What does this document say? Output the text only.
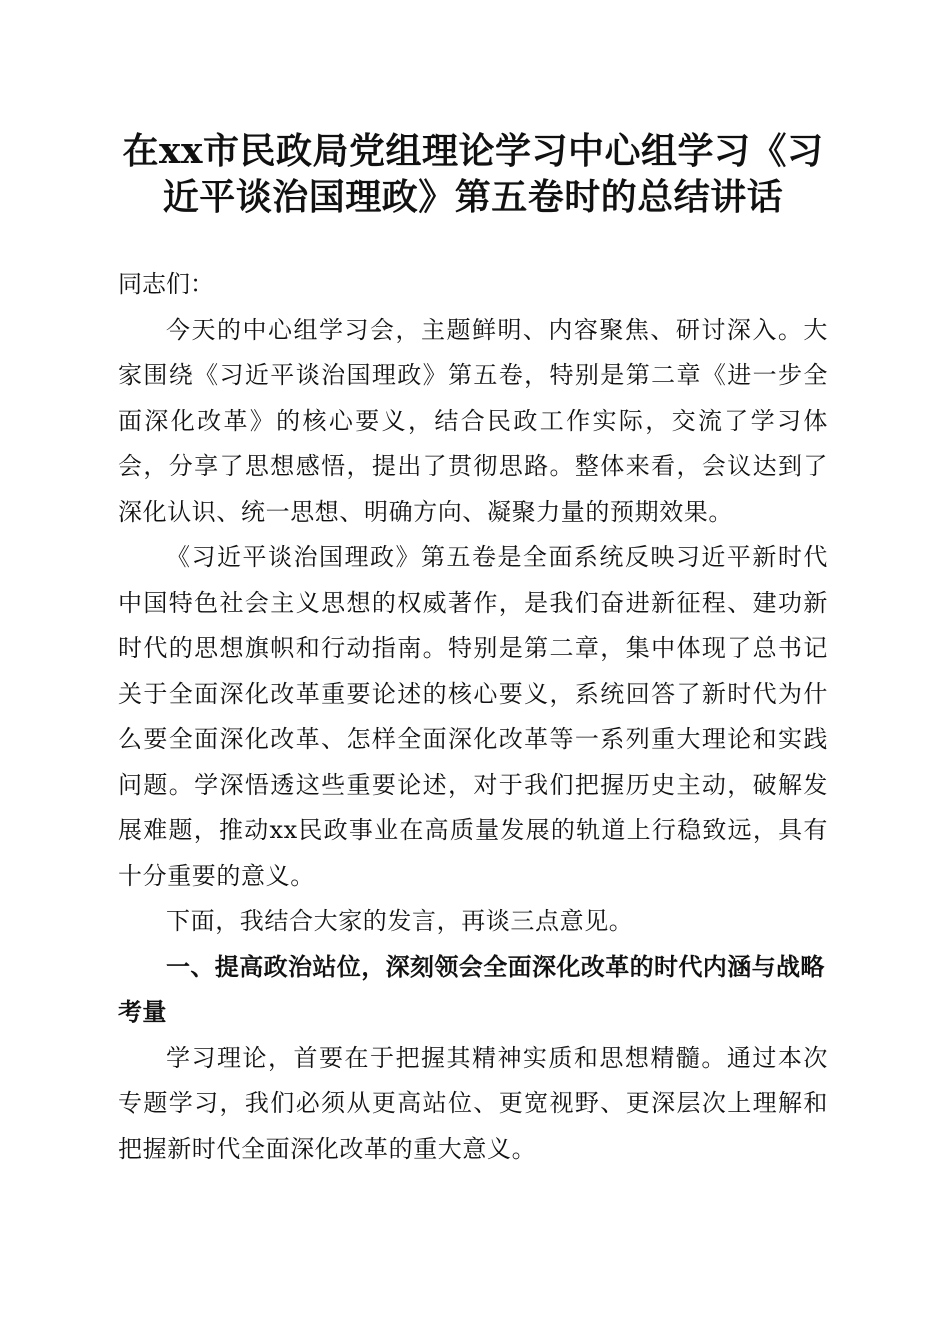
在xx市民政局党组理论学习中心组学习《习近平谈治国理政》第五卷时的总结讲话

同志们：

今天的中心组学习会，主题鲜明、内容聚焦、研讨深入。大家围绕《习近平谈治国理政》第五卷，特别是第二章《进一步全面深化改革》的核心要义，结合民政工作实际，交流了学习体会，分享了思想感悟，提出了贯彻思路。整体来看，会议达到了深化认识、统一思想、明确方向、凝聚力量的预期效果。

《习近平谈治国理政》第五卷是全面系统反映习近平新时代中国特色社会主义思想的权威著作，是我们奋进新征程、建功新时代的思想旗帜和行动指南。特别是第二章，集中体现了总书记关于全面深化改革重要论述的核心要义，系统回答了新时代为什么要全面深化改革、怎样全面深化改革等一系列重大理论和实践问题。学深悟透这些重要论述，对于我们把握历史主动，破解发展难题，推动xx民政事业在高质量发展的轨道上行稳致远，具有十分重要的意义。

下面，我结合大家的发言，再谈三点意见。

一、提高政治站位，深刻领会全面深化改革的时代内涵与战略考量

学习理论，首要在于把握其精神实质和思想精髓。通过本次专题学习，我们必须从更高站位、更宽视野、更深层次上理解和把握新时代全面深化改革的重大意义。
